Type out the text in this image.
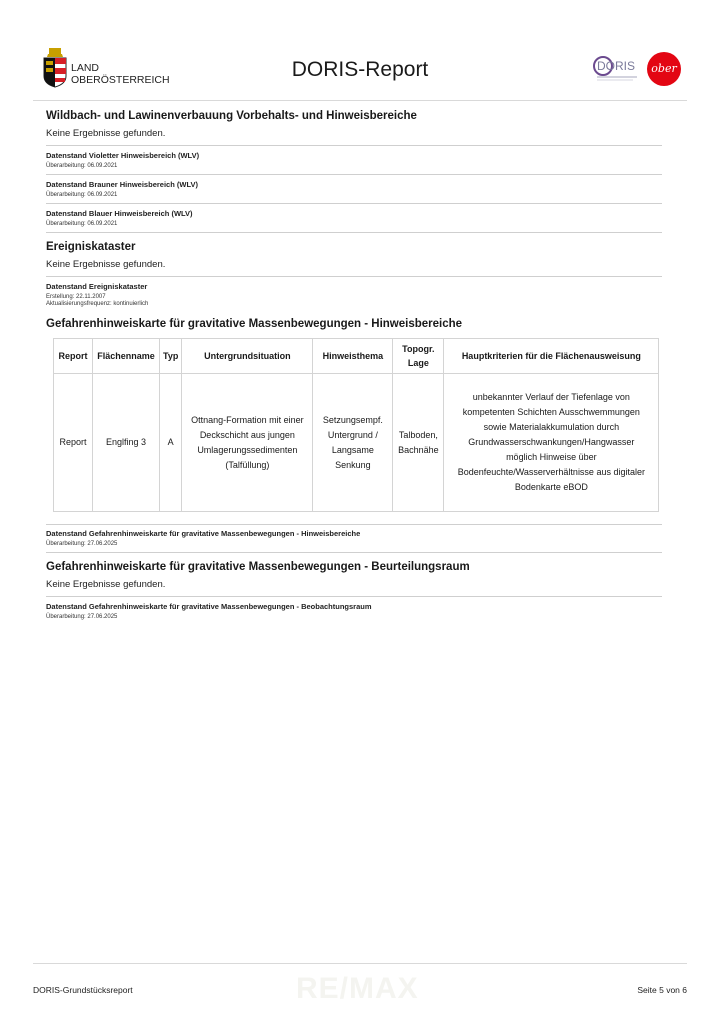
LAND
OBERÖSTERREICH	DORIS-Report	DORIS	ober
Wildbach- und Lawinenverbauung Vorbehalts- und Hinweisbereiche
Keine Ergebnisse gefunden.
Datenstand Violetter Hinweisbereich (WLV)
Überarbeitung: 06.09.2021
Datenstand Brauner Hinweisbereich (WLV)
Überarbeitung: 06.09.2021
Datenstand Blauer Hinweisbereich (WLV)
Überarbeitung: 06.09.2021
Ereigniskataster
Keine Ergebnisse gefunden.
Datenstand Ereigniskataster
Erstellung: 22.11.2007
Aktualisierungsfrequenz: kontinuierlich
Gefahrenhinweiskarte für gravitative Massenbewegungen - Hinweisbereiche
Report	Flächenname	Typ	Untergrundsituation	Hinweisthema	Topogr. Lage	Hauptkriterien für die Flächenausweisung
Report	Englfing 3	A	Ottnang-Formation mit einer Deckschicht aus jungen Umlagerungssedimenten (Talfüllung)	Setzungsempf. Untergrund / Langsame Senkung	Talboden, Bachnähe	unbekannter Verlauf der Tiefenlage von kompetenten Schichten Ausschwemmungen sowie Materialakkumulation durch Grundwasserschwankungen/Hangwasser möglich Hinweise über Bodenfeuchte/Wasserverhältnisse aus digitaler Bodenkarte eBOD
Datenstand Gefahrenhinweiskarte für gravitative Massenbewegungen - Hinweisbereiche
Überarbeitung: 27.06.2025
Gefahrenhinweiskarte für gravitative Massenbewegungen - Beurteilungsraum
Keine Ergebnisse gefunden.
Datenstand Gefahrenhinweiskarte für gravitative Massenbewegungen - Beobachtungsraum
Überarbeitung: 27.06.2025
RE/MAX
DORIS-Grundstücksreport	Seite 5 von 6
